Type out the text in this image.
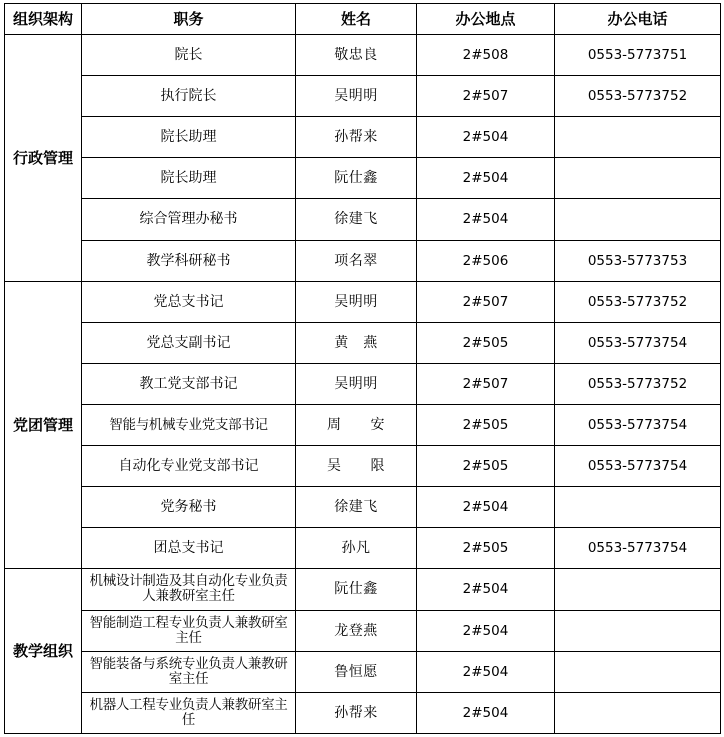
组织架构	职务	姓名	办公地点	办公电话
行政管理	院长	敬忠良	2#508	0553-5773751
	执行院长	吴明明	2#507	0553-5773752
	院长助理	孙帮来	2#504	
	院长助理	阮仕鑫	2#504	
	综合管理办秘书	徐建飞	2#504	
	教学科研秘书	项名翠	2#506	0553-5773753
党团管理	党总支书记	吴明明	2#507	0553-5773752
	党总支副书记	黄　燕	2#505	0553-5773754
	教工党支部书记	吴明明	2#507	0553-5773752
	智能与机械专业党支部书记	周　　安	2#505	0553-5773754
	自动化专业党支部书记	吴　　限	2#505	0553-5773754
	党务秘书	徐建飞	2#504	
	团总支书记	孙凡	2#505	0553-5773754
教学组织	机械设计制造及其自动化专业负责人兼教研室主任	阮仕鑫	2#504	
	智能制造工程专业负责人兼教研室主任	龙登燕	2#504	
	智能装备与系统专业负责人兼教研室主任	鲁恒愿	2#504	
	机器人工程专业负责人兼教研室主任	孙帮来	2#504	
